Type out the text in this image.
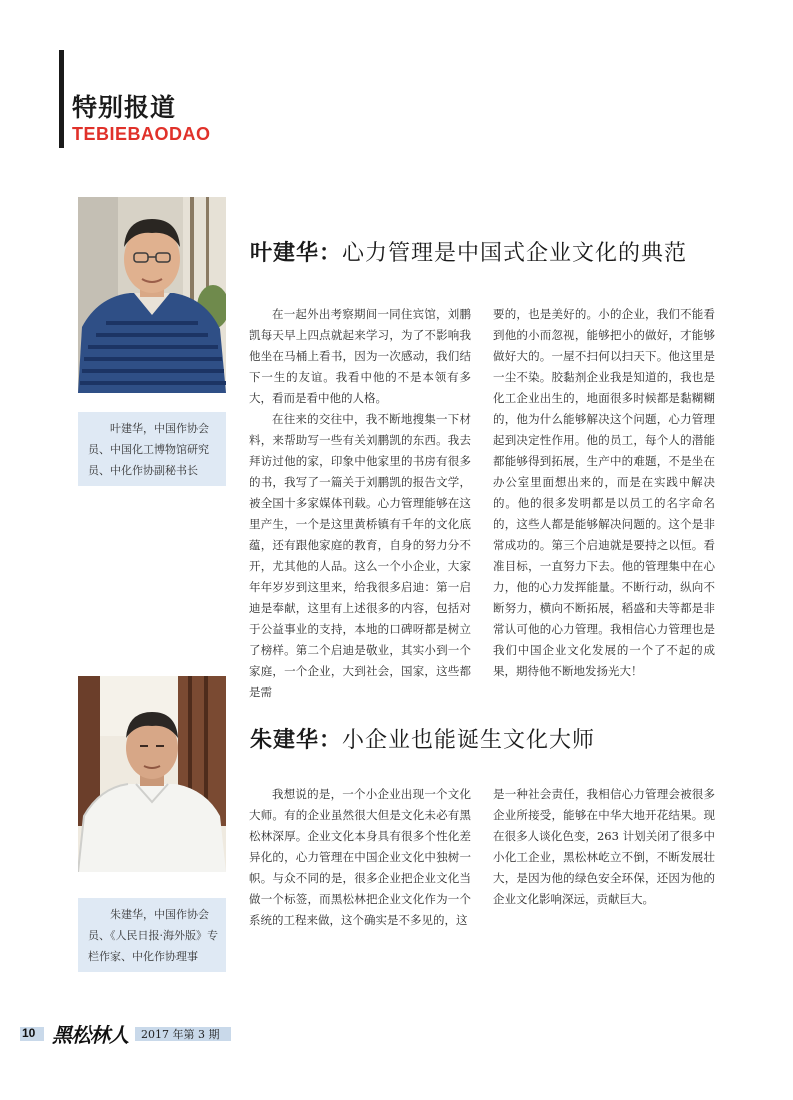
特别报道
TEBIEBAODAO
叶建华，中国作协会员、中国化工博物馆研究员、中化作协副秘书长
叶建华：心力管理是中国式企业文化的典范

在一起外出考察期间一同住宾馆，刘鹏凯每天早上四点就起来学习，为了不影响我他坐在马桶上看书，因为一次感动，我们结下一生的友谊。我看中他的不是本领有多大，看而是看中他的人格。

在往来的交往中，我不断地搜集一下材料，来帮助写一些有关刘鹏凯的东西。我去拜访过他的家，印象中他家里的书房有很多的书，我写了一篇关于刘鹏凯的报告文学，被全国十多家媒体刊载。心力管理能够在这里产生，一个是这里黄桥镇有千年的文化底蕴，还有跟他家庭的教育，自身的努力分不开，尤其他的人品。这么一个小企业，大家年年岁岁到这里来，给我很多启迪：第一启迪是奉献，这里有上述很多的内容，包括对于公益事业的支持，本地的口碑呀都是树立了榜样。第二个启迪是敬业，其实小到一个家庭，一个企业，大到社会，国家，这些都是需

要的，也是美好的。小的企业，我们不能看到他的小而忽视，能够把小的做好，才能够做好大的。一屋不扫何以扫天下。他这里是一尘不染。胶黏剂企业我是知道的，我也是化工企业出生的，地面很多时候都是黏糊糊的，他为什么能够解决这个问题，心力管理起到决定性作用。他的员工，每个人的潜能都能够得到拓展，生产中的难题，不是坐在办公室里面想出来的，而是在实践中解决的。他的很多发明都是以员工的名字命名的，这些人都是能够解决问题的。这个是非常成功的。第三个启迪就是要持之以恒。看准目标，一直努力下去。他的管理集中在心力，他的心力发挥能量。不断行动，纵向不断努力，横向不断拓展，稻盛和夫等都是非常认可他的心力管理。我相信心力管理也是我们中国企业文化发展的一个了不起的成果，期待他不断地发扬光大！

朱建华，中国作协会员、《人民日报·海外版》专栏作家、中化作协理事
朱建华：小企业也能诞生文化大师

我想说的是，一个小企业出现一个文化大师。有的企业虽然很大但是文化未必有黑松林深厚。企业文化本身具有很多个性化差异化的，心力管理在中国企业文化中独树一帜。与众不同的是，很多企业把企业文化当做一个标签，而黑松林把企业文化作为一个系统的工程来做，这个确实是不多见的，这

是一种社会责任，我相信心力管理会被很多企业所接受，能够在中华大地开花结果。现在很多人谈化色变，263 计划关闭了很多中小化工企业，黑松林屹立不倒，不断发展壮大，是因为他的绿色安全环保，还因为他的企业文化影响深远，贡献巨大。

10 黑松林人 2017 年第 3 期
